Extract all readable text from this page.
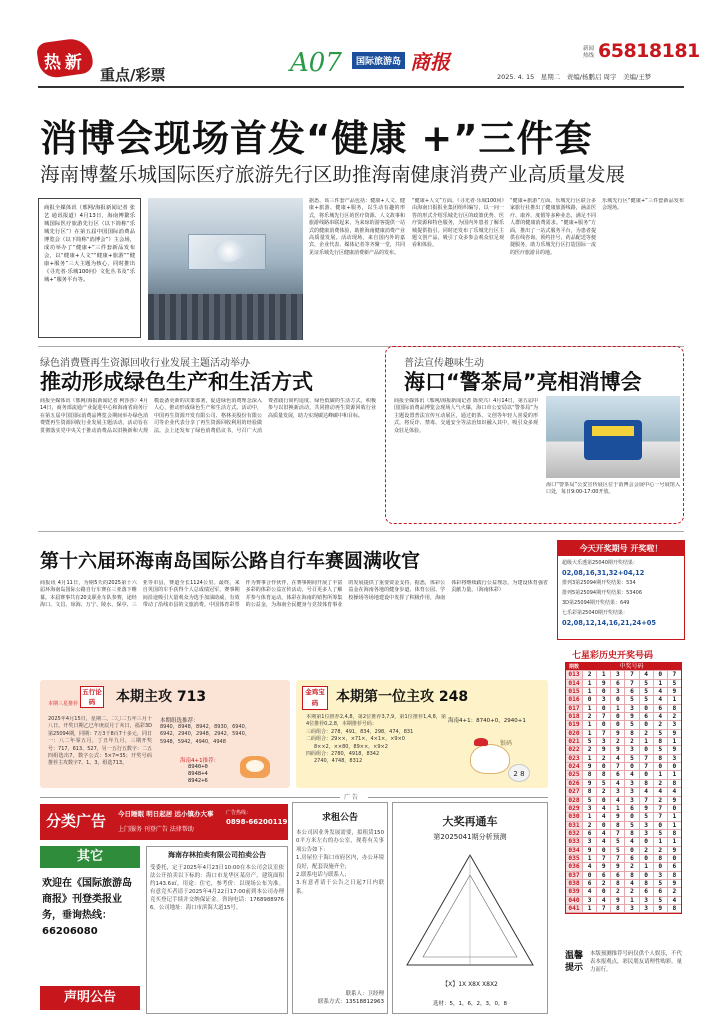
热 新
重点/彩票	A07	国际旅游岛 商报
2025. 4. 15　星期二　责编/杨鹏启 周宇　美编/王梦
新闻热线 65818181
消博会现场首发“健康 +”三件套
海南博鳌乐城国际医疗旅游先行区助推海南健康消费产业高质量发展
商报全媒体讯（邢网/海报新闻记者 张艺 通讯报道）4月13日，海南博鳌乐城国际医疗旅游先行区（以下简称“乐城先行区”）在第五届中国国际消费品博览会（以下简称“消博会”）主会场，成功举办了“健康+”三件套新品发布会，以“健康+人文”“健康+旅游”“健康+服务”三大主题为核心，同时推出《寻光者·乐城100问》文化丛书及“乐城+”服务平台等。
据悉，该三件套产品包括：健康+人文、健康+旅游、健康+服务，以生动有趣的形式，将乐城先行区的医疗资源、人文故事和旅游线路串联起来，为来琼的游客提供一站式的健康消费体验，助推海南健康消费产业高质量发展。活动现场，来自国内外的嘉宾、企业代表、媒体记者等齐聚一堂，共同见证乐城先行区健康消费新产品的发布。
“健康+人文”方面，《寻光者·乐城100问》由海南日报报业集团组织编写，以一问一答的形式介绍乐城先行区的政策优势、医疗资源和特色服务，为国内外患者了解乐城提供指引。同时还发布了乐城先行区主题文创产品，吸引了众多参会观众驻足观看和体验。
“健康+旅游”方面，乐城先行区联合多家旅行社推出了健康旅游线路，涵盖医疗、康养、度假等多种业态，满足不同人群的健康消费需求。“健康+服务”方面，推出了一站式服务平台，为患者提供在线咨询、预约挂号、药品配送等便捷服务，助力乐城先行区打造国际一流的医疗旅游目的地。
乐城先行区“健康+”三件套新品发布会现场。
绿色消费暨再生资源回收行业发展主题活动举办
推动形成绿色生产和生活方式
商报全媒体讯（邢网/海报新闻记者 柯莎莎）4月14日，商务部流通产业促进中心和海南省商务厅在第五届中国国际消费品博览会期间举办绿色消费暨再生资源回收行业发展主题活动，活动旨在贯彻落实党中央关于推动消费品以旧换新和大规模设备更新的决策部署，促进绿色消费理念深入人心，推动形成绿色生产和生活方式。活动中，中国再生资源开发有限公司、格林美股份有限公司等企业代表分享了再生资源回收利用的经验做法。会上还发布了绿色消费倡议书，号召广大消费者践行简约适度、绿色低碳的生活方式，积极参与以旧换新活动，共同推动再生资源回收行业高质量发展，助力实现碳达峰碳中和目标。
普法宣传趣味生动
海口“警茶局”亮相消博会
商报全媒体讯（邢网/海报新闻记者 陈奕兴）4月14日，第五届中国国际消费品博览会现场人气火爆，海口市公安局以“警茶局”为主题设置普法宣传互动展区，通过奶茶、文创等年轻人喜爱的形式，将反诈、禁毒、交通安全等法治知识融入其中，吸引众多观众驻足体验。
海口“警茶局”公安宣传展区位于消博会会展中心一号展馆入口处，每日9:00-17:00开放。
第十六届环海南岛国际公路自行车赛圆满收官
商报讯 4月11日，为期5天的2025第十六届环海南岛国际公路自行车赛在三亚落下帷幕。本届赛事共有20支职业车队参赛，途经海口、文昌、琼海、万宁、陵水、保亭、三亚等市县，赛道全长1124公里。最终，来自英国的车手获得个人总成绩冠军，赛事期间沿途吸引大量观众为选手加油助威，有效带动了沿线市县的文旅消费。中国体育彩票作为赛事合作伙伴，在赛事期间开展了丰富多彩的体彩公益宣传活动，号召更多人了解并参与体育运动。体彩在海南的销售所筹集的公益金，为海南全民健身与竞技体育事业的发展提供了重要资金支持，据悉，体彩公益金在海南各地的健身步道、体育公园、学校操场等场地建设中发挥了积极作用，海南体彩将继续践行公益理念，为建设体育强省贡献力量。（海南体彩）
今天开奖期号 开奖啦！
超级大乐透第25040期开奖结果：
02,08,16,31,32+04,12
排列3第25094期开奖结果：534
排列5第25094期开奖结果：53406
3D第25094期开奖结果：649
七乐彩第25040期开奖结果：
02,08,12,14,16,21,24+05
七星彩历史开奖号码
期数	中奖号码
013	2	1	3	7	4	0	7
014	1	9	6	7	5	1	5
015	1	0	3	6	5	4	9
016	0	3	0	5	5	4	1
017	1	0	1	3	0	6	8
018	2	7	0	9	6	4	2
019	1	0	0	5	0	2	3
020	1	7	9	8	2	5	9
021	5	3	2	2	1	8	1
022	2	9	9	3	0	5	9
023	1	2	4	5	7	8	3
024	9	0	7	0	7	0	0
025	8	8	6	4	0	1	1
026	9	5	4	3	8	2	8
027	8	2	3	3	4	4	4
028	5	0	4	3	7	2	9
029	3	4	1	6	9	7	0
030	1	4	9	0	5	7	1
031	2	0	8	5	3	0	1
032	6	4	7	8	3	5	8
033	3	4	5	4	0	1	1
034	9	0	5	0	2	2	9
035	1	7	7	6	0	8	0
036	4	9	9	2	1	0	6
037	0	6	6	8	0	3	8
038	6	2	8	4	8	5	9
039	4	0	2	2	6	6	2
040	3	4	9	1	3	5	4
041	1	7	8	3	3	9	8
五行论码	本期主攻 713
2025年4月15日，星期二，二〇二五年三月十八日，开奖日期乙巳年庚辰月丁亥日，福彩3D第25094期，同期：7万3千8百7十多元，同日一：八二年零五月，丁丑年九月，三期开奖号：717、613、527，另一五行五数字：二五四组选出7，数字公式：5×7=35；开奖号码推荐主攻数字7、1、3，组选713。
本期组选推荐：
8940，8948，8942，8930，6940，6942，2940，2948，2942，5940，5948，5942，4940，4948
海南4+1推荐：
8940+0
8948+4
8942+6
本期三星推荐
金鸡宝码	本期第一位主攻 248
本期第1位推荐2,4,8，第2位推荐3,7,9，第1位推荐1,4,8，第4位推荐0,2,8，本期推荐号码：
三码组合：278，491，834，298，474，831
二码组合：29××，×71×，4×1×，×9×0
8××2，××80，89××，×9×2
四码组合：2780，4918，8342
2740，4748，8312
海南4+1：8740+0，2940+1
银码
2 8
广 告
分类广告 今日睡眠 明日起居 远小镇办大事
上门服务 刊登广告 法律帮助
广告热线：
0898-66200119
其它
欢迎在《国际旅游岛商报》刊登类报业务，垂询热线：66206080
声明公告
海南存林拍卖有限公司拍卖公告
受委托，定于2025年4月23日10:00在本公司会议室依法公开拍卖以下标的：海口市龙华区某房产，建筑面积约143.6㎡，用途：住宅，参考价：以现场公布为准。有意竞买者请于2025年4月22日17:00前到本公司办理竞买登记手续并交纳保证金。咨询电话：17689889766。公司地址：海口市滨海大道15号。
求租公告
本公司因业务发展需要，拟租赁1500平方米左右的办公室，现将有关事项公告如下：
1.房屋位于海口市府区内，办公环境良好，配套设施齐全；
2.联系电话与联系人；
3.有意者请于公告之日起7日内联系。
联系人：卫经理
联系方式：13518812963
大奖再通车
第2025041期分析预测
【X】1X X8X X8X2
选材：5，1，6，2，3，0，8
温馨提示
本版预测推荐号码仅供个人娱乐，不代表本报观点，彩民朋友请理性购彩，量力而行。
